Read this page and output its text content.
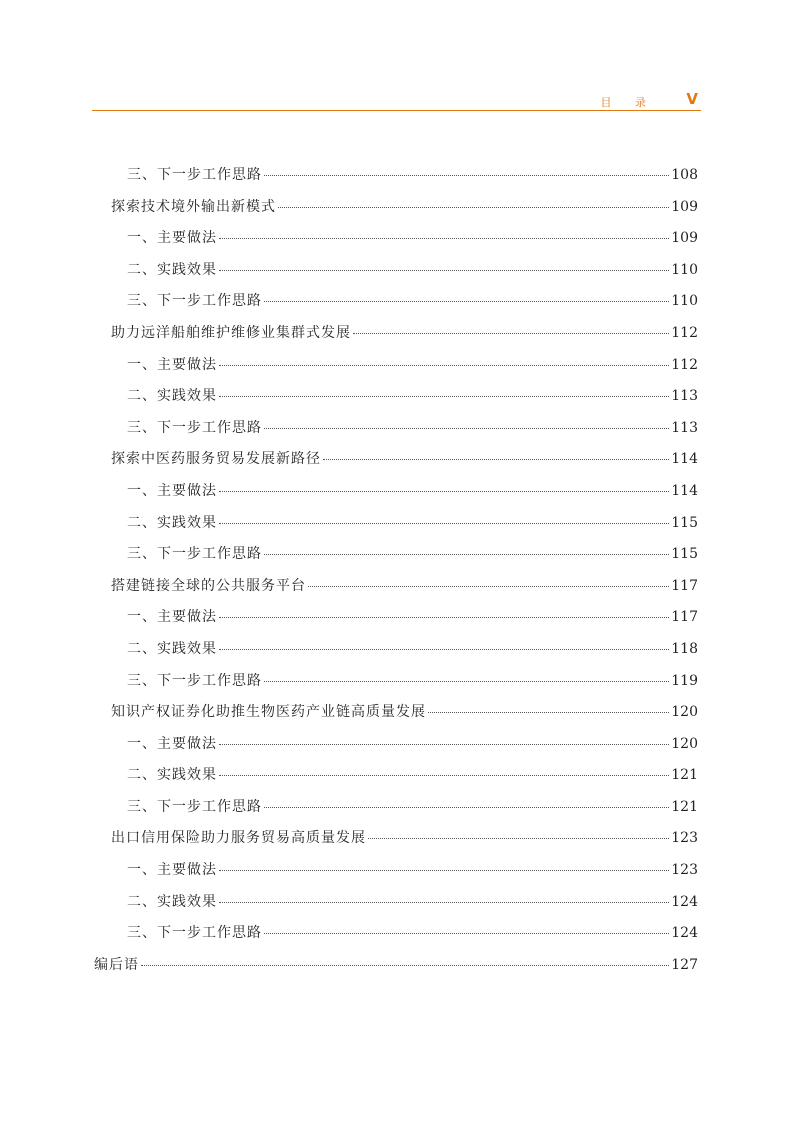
目 录 V
三、下一步工作思路	108
探索技术境外输出新模式	109
一、主要做法	109
二、实践效果	110
三、下一步工作思路	110
助力远洋船舶维护维修业集群式发展	112
一、主要做法	112
二、实践效果	113
三、下一步工作思路	113
探索中医药服务贸易发展新路径	114
一、主要做法	114
二、实践效果	115
三、下一步工作思路	115
搭建链接全球的公共服务平台	117
一、主要做法	117
二、实践效果	118
三、下一步工作思路	119
知识产权证券化助推生物医药产业链高质量发展	120
一、主要做法	120
二、实践效果	121
三、下一步工作思路	121
出口信用保险助力服务贸易高质量发展	123
一、主要做法	123
二、实践效果	124
三、下一步工作思路	124
编后语	127
